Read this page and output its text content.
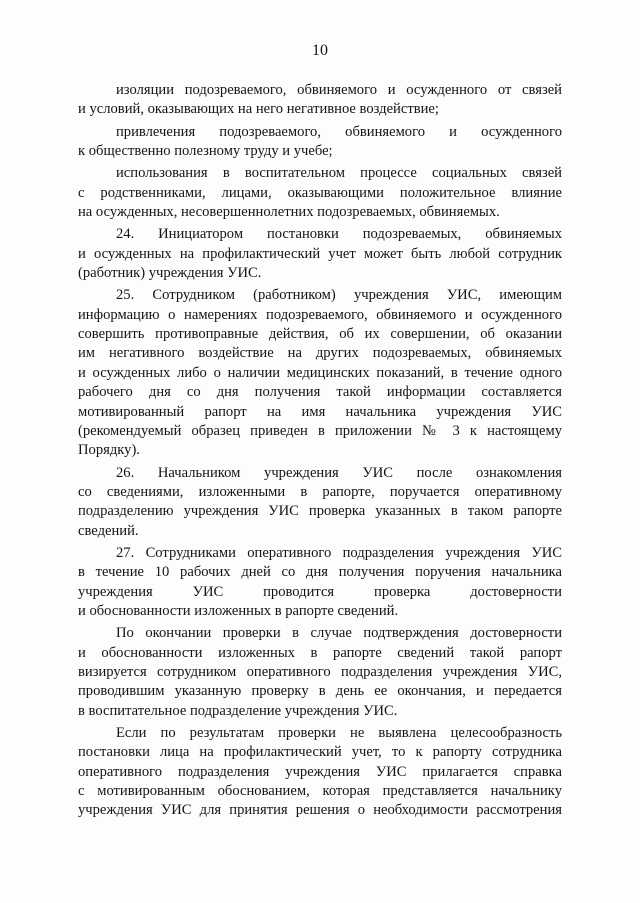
10
изоляции подозреваемого, обвиняемого и осужденного от связей
и условий, оказывающих на него негативное воздействие;
привлечения подозреваемого, обвиняемого и осужденного
к общественно полезному труду и учебе;
использования в воспитательном процессе социальных связей
с родственниками, лицами, оказывающими положительное влияние
на осужденных, несовершеннолетних подозреваемых, обвиняемых.
24. Инициатором постановки подозреваемых, обвиняемых
и осужденных на профилактический учет может быть любой сотрудник
(работник) учреждения УИС.
25. Сотрудником (работником) учреждения УИС, имеющим
информацию о намерениях подозреваемого, обвиняемого и осужденного
совершить противоправные действия, об их совершении, об оказании
им негативного воздействие на других подозреваемых, обвиняемых
и осужденных либо о наличии медицинских показаний, в течение одного
рабочего дня со дня получения такой информации составляется
мотивированный рапорт на имя начальника учреждения УИС
(рекомендуемый образец приведен в приложении № 3 к настоящему
Порядку).
26. Начальником учреждения УИС после ознакомления
со сведениями, изложенными в рапорте, поручается оперативному
подразделению учреждения УИС проверка указанных в таком рапорте
сведений.
27. Сотрудниками оперативного подразделения учреждения УИС
в течение 10 рабочих дней со дня получения поручения начальника
учреждения УИС проводится проверка достоверности
и обоснованности изложенных в рапорте сведений.
По окончании проверки в случае подтверждения достоверности
и обоснованности изложенных в рапорте сведений такой рапорт
визируется сотрудником оперативного подразделения учреждения УИС,
проводившим указанную проверку в день ее окончания, и передается
в воспитательное подразделение учреждения УИС.
Если по результатам проверки не выявлена целесообразность
постановки лица на профилактический учет, то к рапорту сотрудника
оперативного подразделения учреждения УИС прилагается справка
с мотивированным обоснованием, которая представляется начальнику
учреждения УИС для принятия решения о необходимости рассмотрения
